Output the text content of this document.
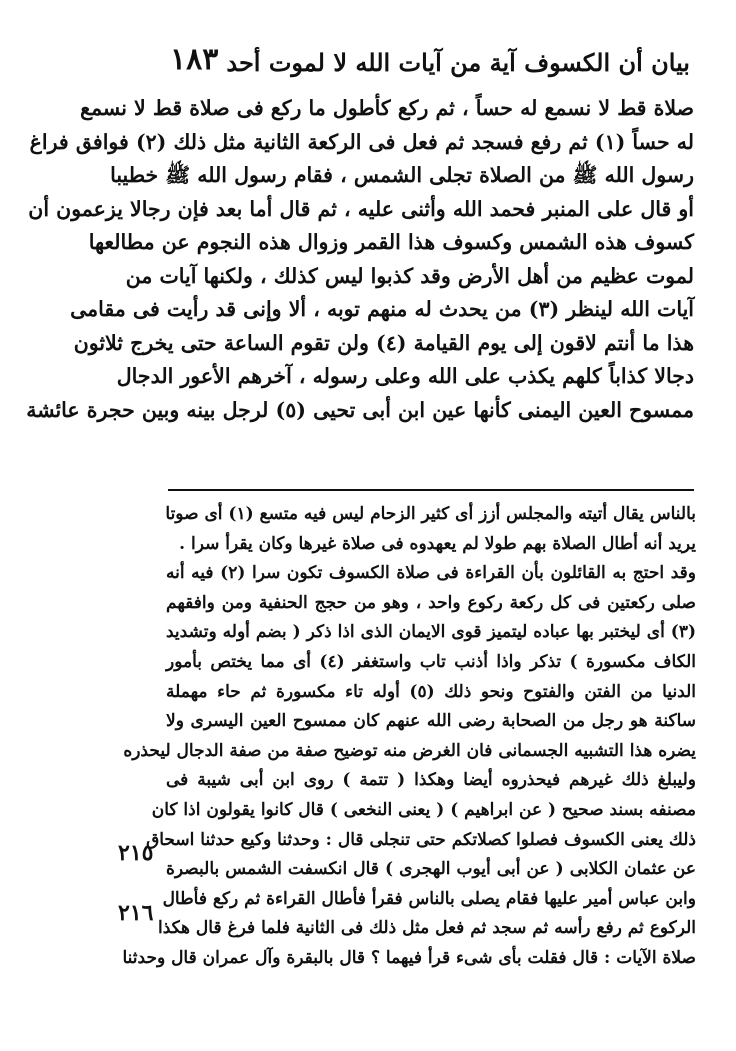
بيان أن الكسوف آية من آيات الله لا لموت أحد
١٨٣
صلاة قط لا نسمع له حساً ، ثم ركع كأطول ما ركع فى صلاة قط لا نسمع
له حساً (١) ثم رفع فسجد ثم فعل فى الركعة الثانية مثل ذلك (٢) فوافق فراغ
رسول الله ﷺ من الصلاة تجلى الشمس ، فقام رسول الله ﷺ خطيبا
أو قال على المنبر فحمد الله وأثنى عليه ، ثم قال أما بعد فإن رجالا يزعمون أن
كسوف هذه الشمس وكسوف هذا القمر وزوال هذه النجوم عن مطالعها
لموت عظيم من أهل الأرض وقد كذبوا ليس كذلك ، ولكنها آيات من
آيات الله لينظر (٣) من يحدث له منهم توبه ، ألا وإنى قد رأيت فى مقامى
هذا ما أنتم لاقون إلى يوم القيامة (٤) ولن تقوم الساعة حتى يخرج ثلاثون
دجالا كذاباً كلهم يكذب على الله وعلى رسوله ، آخرهم الأعور الدجال
ممسوح العين اليمنى كأنها عين ابن أبى تحيى (٥) لرجل بينه وبين حجرة عائشة
بالناس يقال أتيته والمجلس أزز أى كثير الزحام ليس فيه متسع (١) أى صوتا
يريد أنه أطال الصلاة بهم طولا لم يعهدوه فى صلاة غيرها وكان يقرأ سرا .
وقد احتج به القائلون بأن القراءة فى صلاة الكسوف تكون سرا (٢) فيه أنه
صلى ركعتين فى كل ركعة ركوع واحد ، وهو من حجج الحنفية ومن وافقهم
(٣) أى ليختبر بها عباده ليتميز قوى الايمان الذى اذا ذكر ( بضم أوله وتشديد
الكاف مكسورة ) تذكر واذا أذنب تاب واستغفر (٤) أى مما يختص بأمور
الدنيا من الفتن والفتوح ونحو ذلك (٥) أوله تاء مكسورة ثم حاء مهملة
ساكنة هو رجل من الصحابة رضى الله عنهم كان ممسوح العين اليسرى ولا
يضره هذا التشبيه الجسمانى فان الغرض منه توضيح صفة من صفة الدجال ليحذره
وليبلغ ذلك غيرهم فيحذروه أيضا وهكذا ( تتمة ) روى ابن أبى شيبة فى
مصنفه بسند صحيح ( عن ابراهيم ) ( يعنى النخعى ) قال كانوا يقولون اذا كان
ذلك يعنى الكسوف فصلوا كصلاتكم حتى تنجلى قال : وحدثنا وكيع حدثنا اسحاق
عن عثمان الكلابى ( عن أبى أيوب الهجرى ) قال انكسفت الشمس بالبصرة
وابن عباس أمير عليها فقام يصلى بالناس فقرأ فأطال القراءة ثم ركع فأطال
الركوع ثم رفع رأسه ثم سجد ثم فعل مثل ذلك فى الثانية فلما فرغ قال هكذا
صلاة الآيات : قال فقلت بأى شىء قرأ فيهما ؟ قال بالبقرة وآل عمران قال وحدثنا
٢١٥
٢١٦
